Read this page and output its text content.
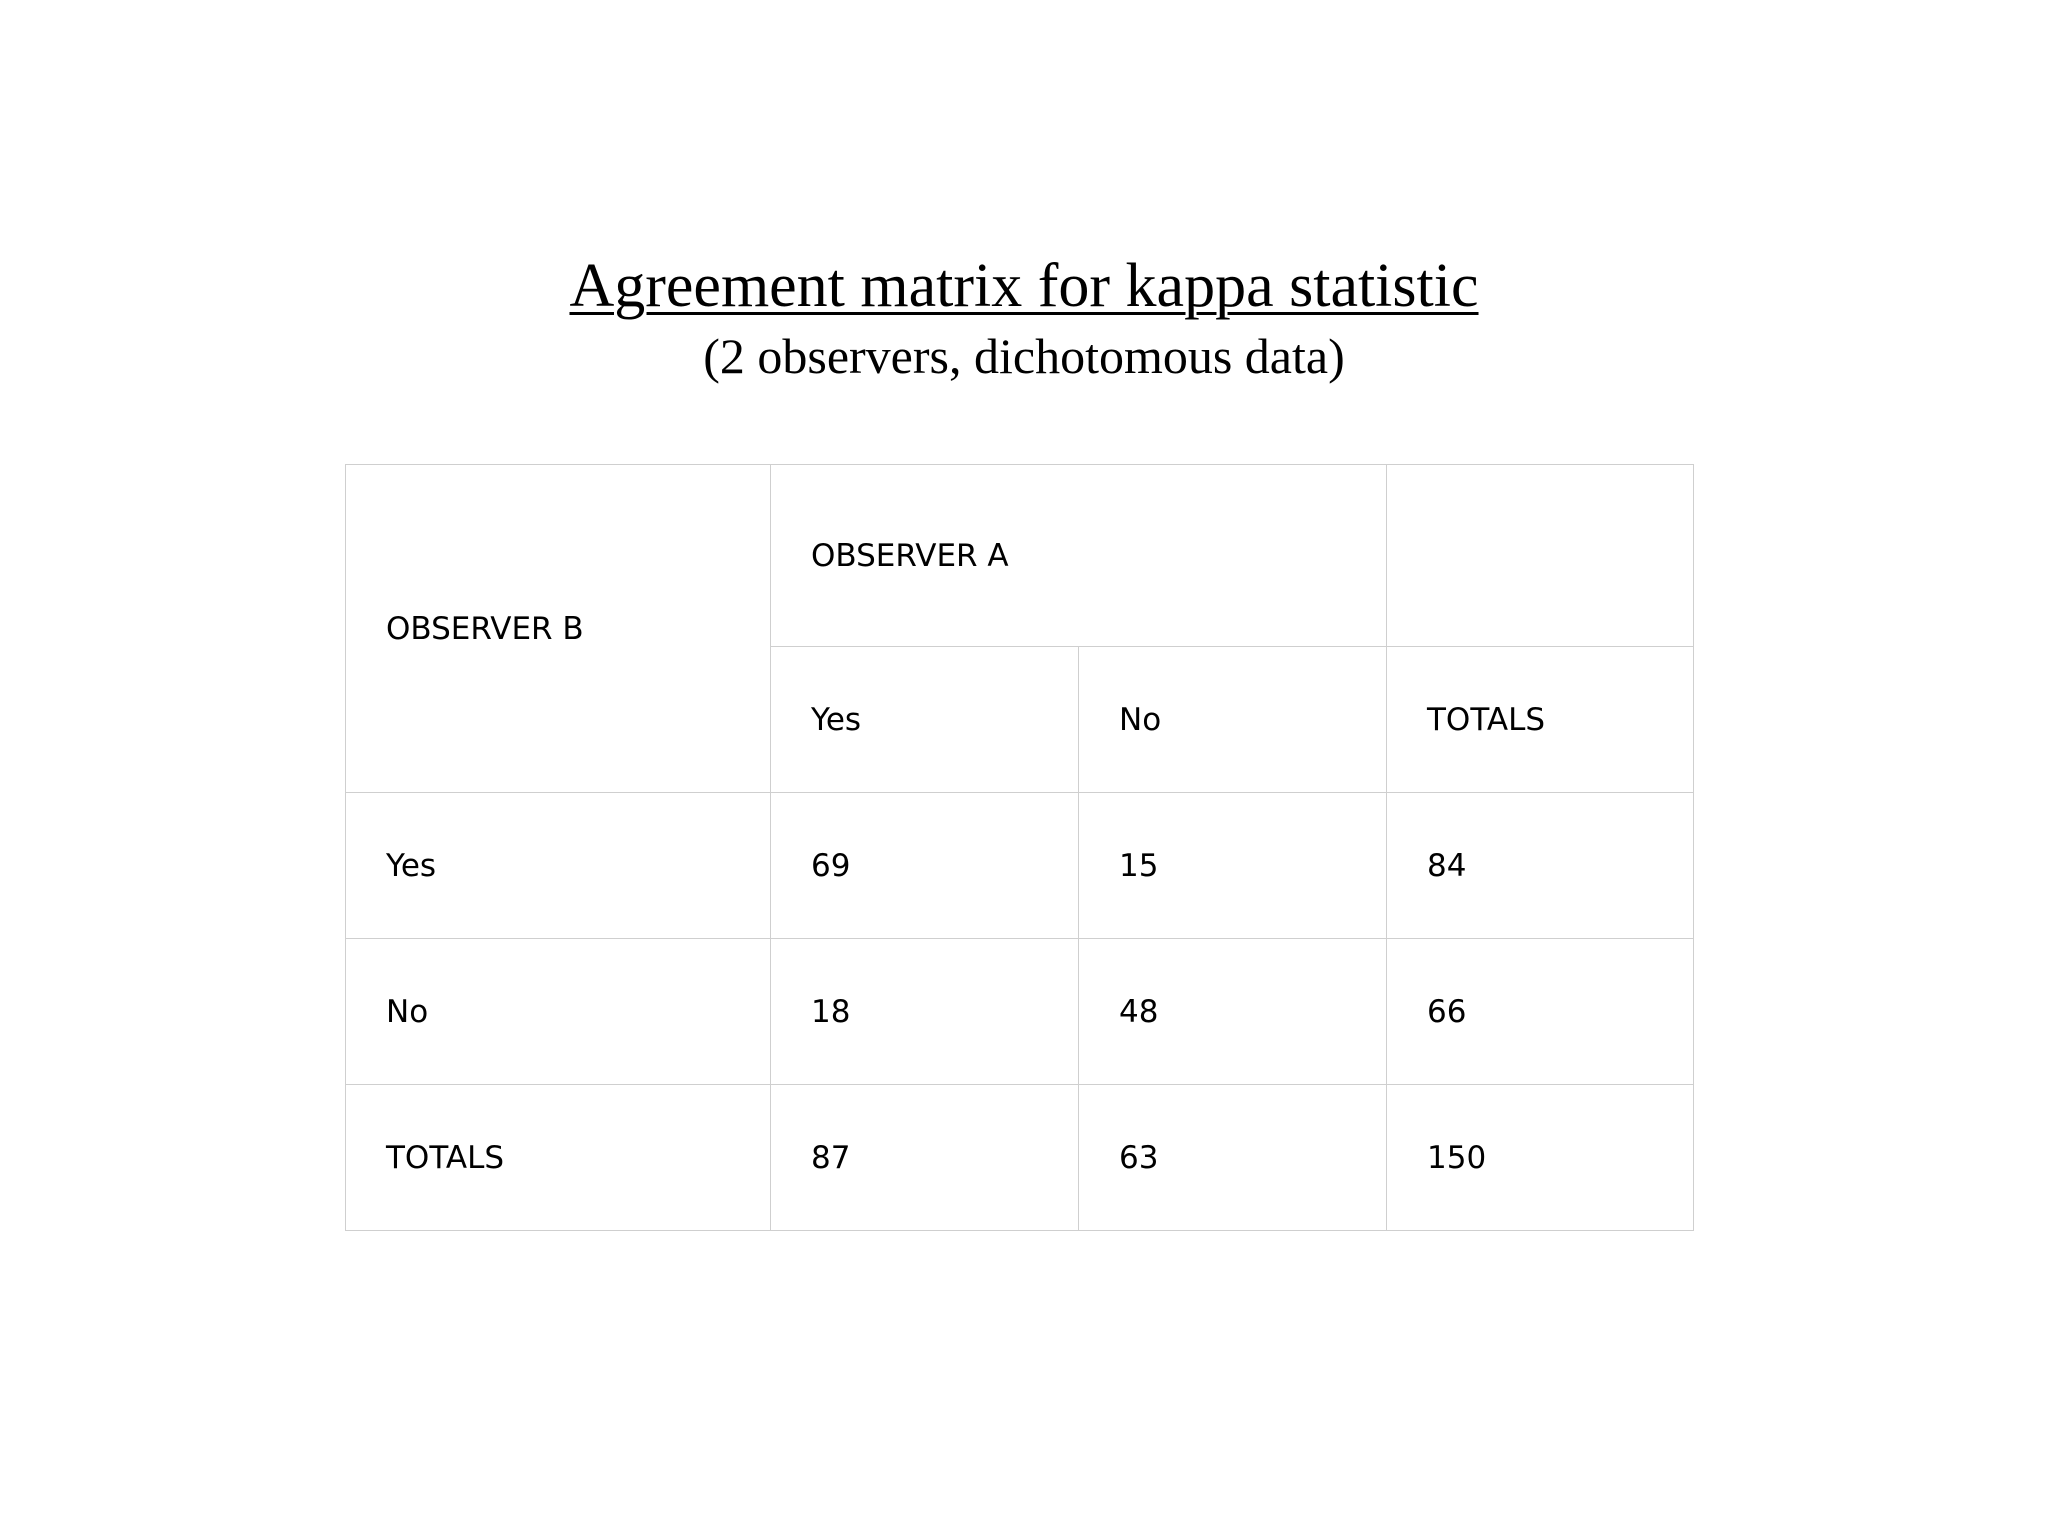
Agreement matrix for kappa statistic
(2 observers, dichotomous data)
OBSERVER B	OBSERVER A		
	Yes	No	TOTALS
Yes	69	15	84
No	18	48	66
TOTALS	87	63	150
